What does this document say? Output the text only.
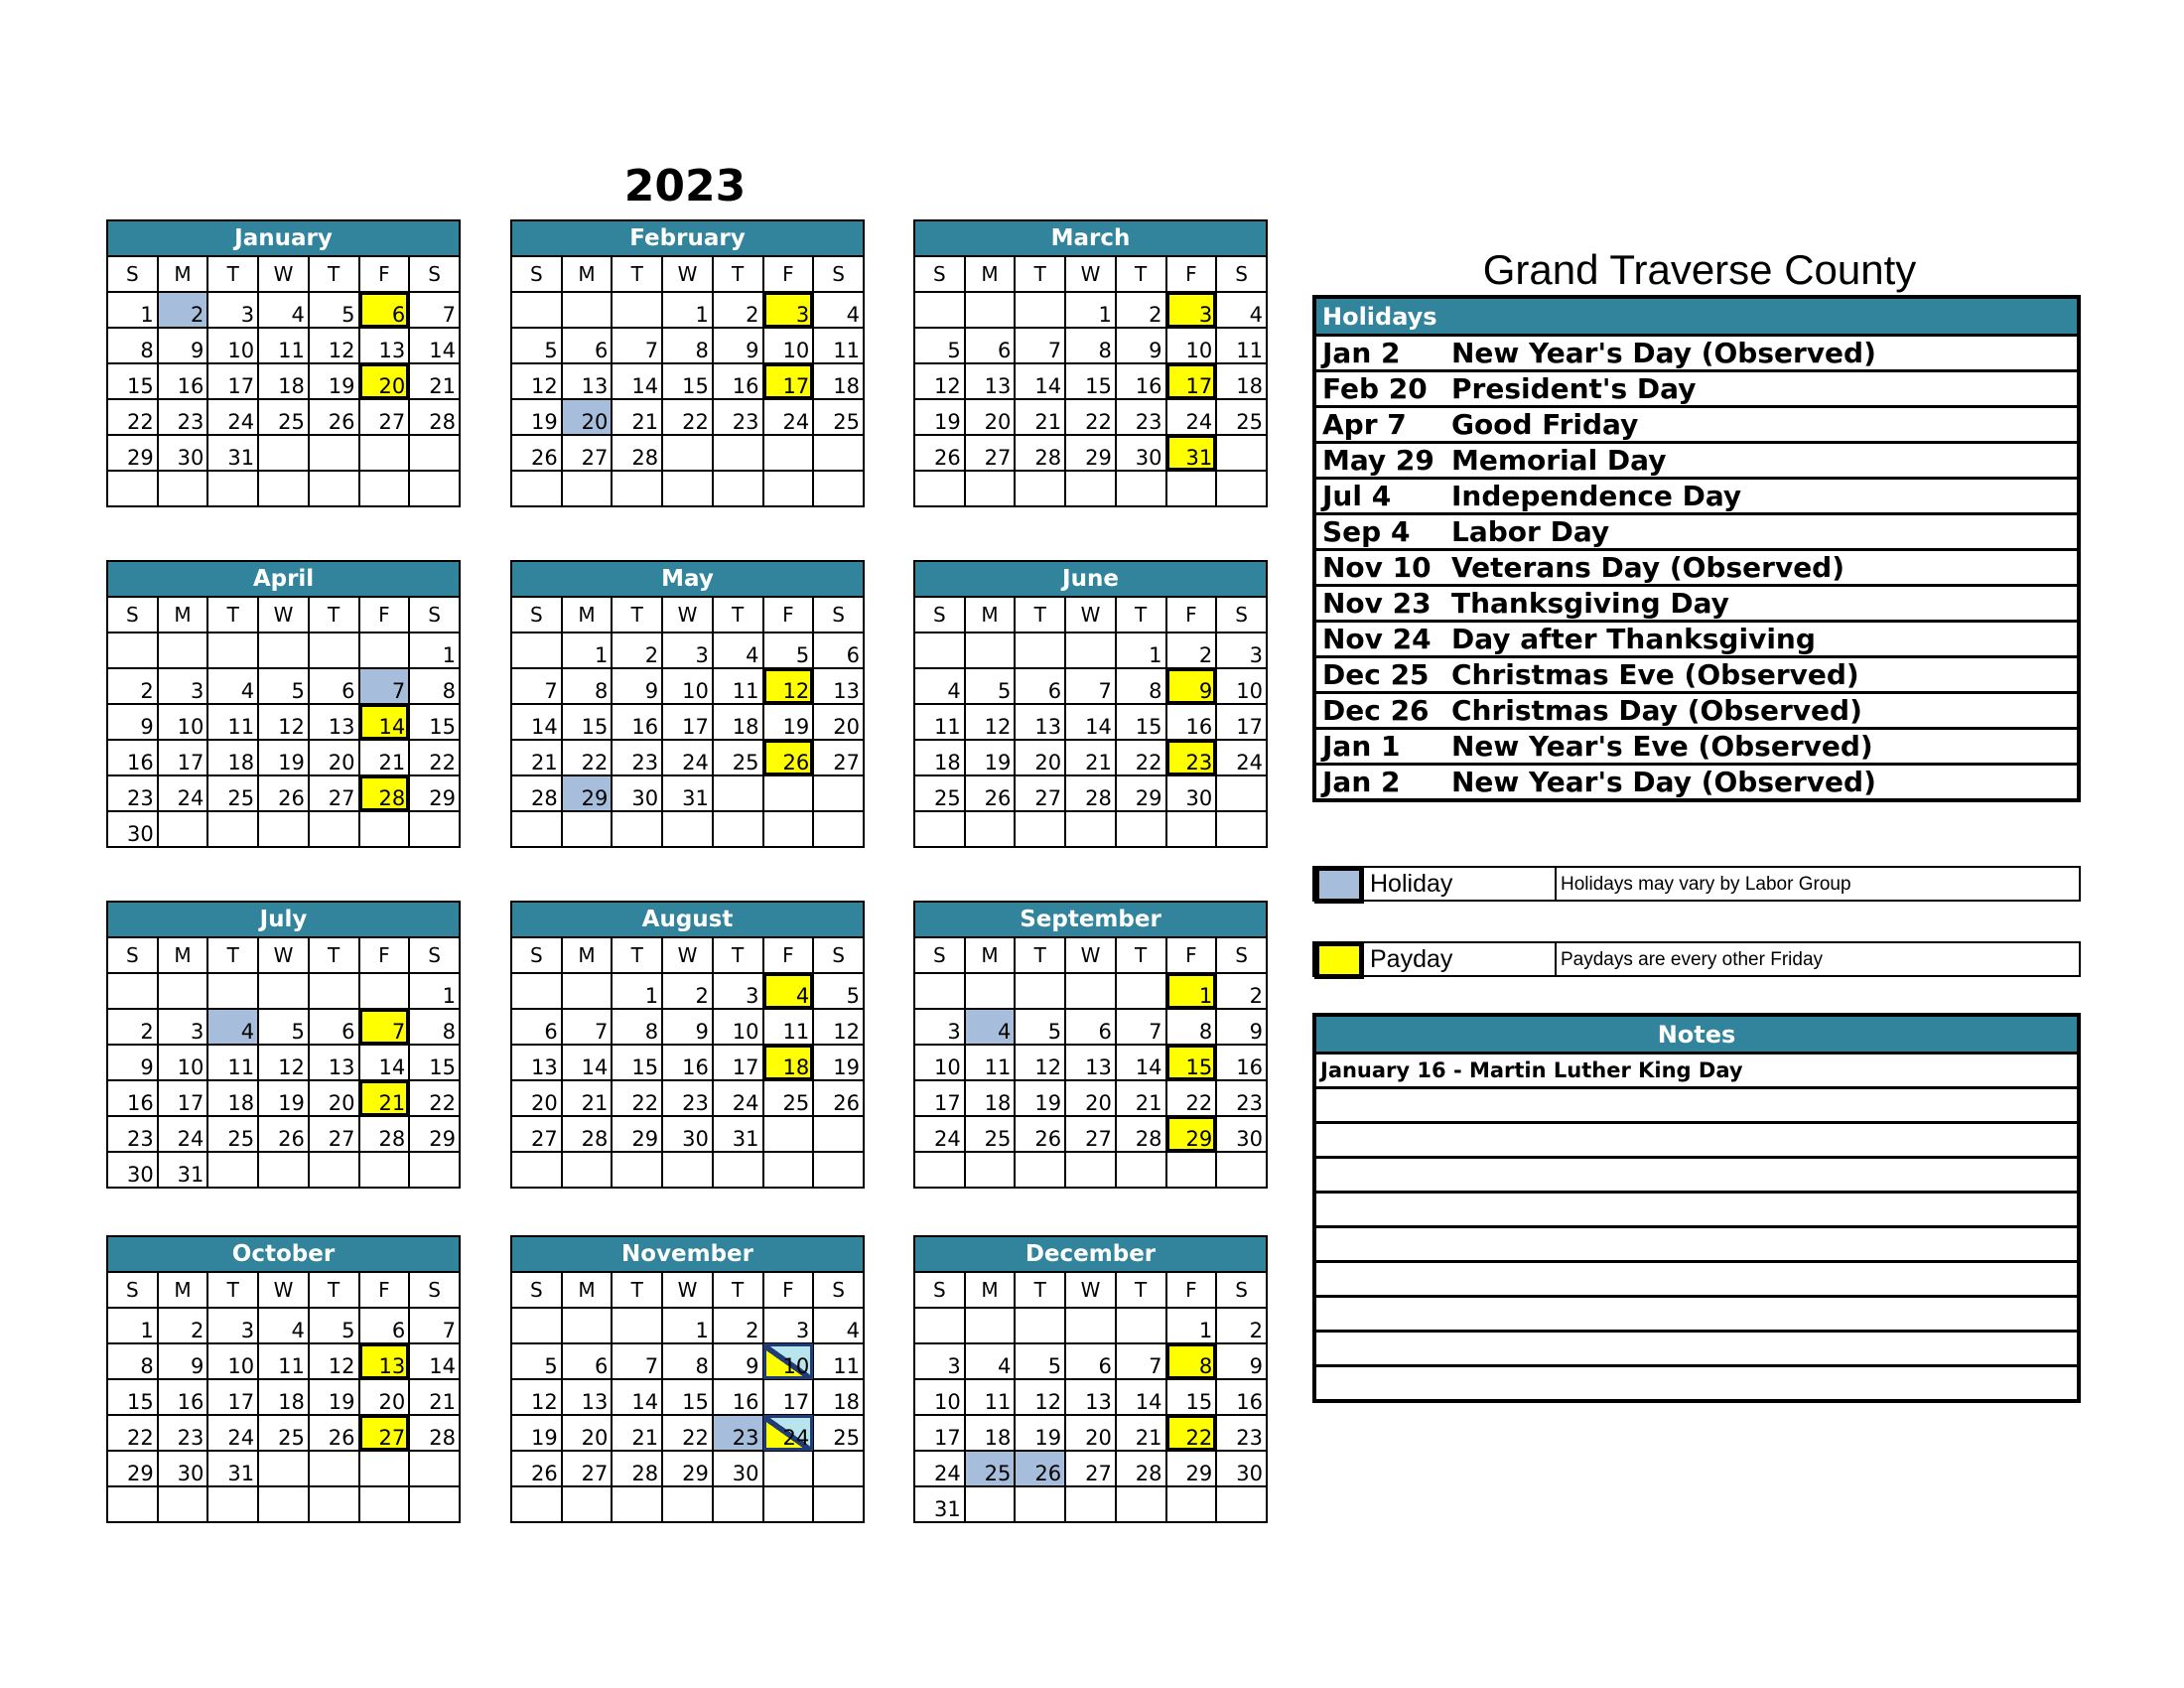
2023
January						
S	M	T	W	T	F	S
1	2	3	4	5	6	7
8	9	10	11	12	13	14
15	16	17	18	19	20	21
22	23	24	25	26	27	28
29	30	31				

February						
S	M	T	W	T	F	S
			1	2	3	4
5	6	7	8	9	10	11
12	13	14	15	16	17	18
19	20	21	22	23	24	25
26	27	28				

March						
S	M	T	W	T	F	S
			1	2	3	4
5	6	7	8	9	10	11
12	13	14	15	16	17	18
19	20	21	22	23	24	25
26	27	28	29	30	31	

April						
S	M	T	W	T	F	S
						1
2	3	4	5	6	7	8
9	10	11	12	13	14	15
16	17	18	19	20	21	22
23	24	25	26	27	28	29
30						
May						
S	M	T	W	T	F	S
	1	2	3	4	5	6
7	8	9	10	11	12	13
14	15	16	17	18	19	20
21	22	23	24	25	26	27
28	29	30	31			

June						
S	M	T	W	T	F	S
				1	2	3
4	5	6	7	8	9	10
11	12	13	14	15	16	17
18	19	20	21	22	23	24
25	26	27	28	29	30	

July						
S	M	T	W	T	F	S
						1
2	3	4	5	6	7	8
9	10	11	12	13	14	15
16	17	18	19	20	21	22
23	24	25	26	27	28	29
30	31					
August						
S	M	T	W	T	F	S
		1	2	3	4	5
6	7	8	9	10	11	12
13	14	15	16	17	18	19
20	21	22	23	24	25	26
27	28	29	30	31		

September						
S	M	T	W	T	F	S
					1	2
3	4	5	6	7	8	9
10	11	12	13	14	15	16
17	18	19	20	21	22	23
24	25	26	27	28	29	30

October						
S	M	T	W	T	F	S
1	2	3	4	5	6	7
8	9	10	11	12	13	14
15	16	17	18	19	20	21
22	23	24	25	26	27	28
29	30	31				

November						
S	M	T	W	T	F	S
			1	2	3	4
5	6	7	8	9	10	11
12	13	14	15	16	17	18
19	20	21	22	23	24	25
26	27	28	29	30		

December						
S	M	T	W	T	F	S
					1	2
3	4	5	6	7	8	9
10	11	12	13	14	15	16
17	18	19	20	21	22	23
24	25	26	27	28	29	30
31						
Grand Traverse County
Holidays
Jan 2 New Year's Day (Observed)
Feb 20 President's Day
Apr 7 Good Friday
May 29 Memorial Day
Jul 4 Independence Day
Sep 4 Labor Day
Nov 10 Veterans Day (Observed)
Nov 23 Thanksgiving Day
Nov 24 Day after Thanksgiving
Dec 25 Christmas Eve (Observed)
Dec 26 Christmas Day (Observed)
Jan 1 New Year's Eve (Observed)
Jan 2 New Year's Day (Observed)
Holiday	Holidays may vary by Labor Group
Payday	Paydays are every other Friday
Notes
January 16 - Martin Luther King Day
